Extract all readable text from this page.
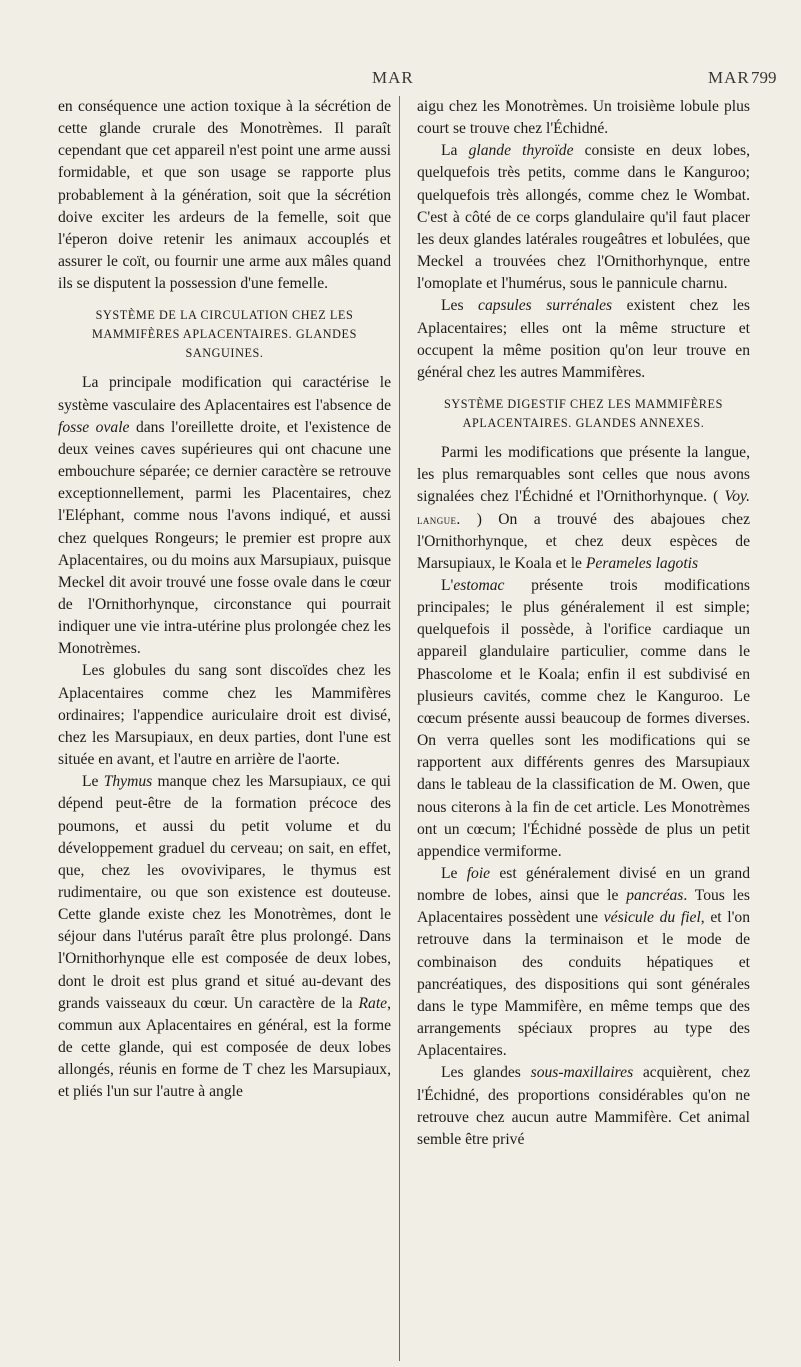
MAR	MAR 799

en conséquence une action toxique à la sécrétion de cette glande crurale des Monotrèmes. Il paraît cependant que cet appareil n'est point une arme aussi formidable, et que son usage se rapporte plus probablement à la génération, soit que la sécrétion doive exciter les ardeurs de la femelle, soit que l'éperon doive retenir les animaux accouplés et assurer le coït, ou fournir une arme aux mâles quand ils se disputent la possession d'une femelle.

SYSTÈME DE LA CIRCULATION CHEZ LES MAMMIFÈRES APLACENTAIRES. GLANDES SANGUINES.

La principale modification qui caractérise le système vasculaire des Aplacentaires est l'absence de fosse ovale dans l'oreillette droite, et l'existence de deux veines caves supérieures qui ont chacune une embouchure séparée; ce dernier caractère se retrouve exceptionnellement, parmi les Placentaires, chez l'Eléphant, comme nous l'avons indiqué, et aussi chez quelques Rongeurs; le premier est propre aux Aplacentaires, ou du moins aux Marsupiaux, puisque Meckel dit avoir trouvé une fosse ovale dans le cœur de l'Ornithorhynque, circonstance qui pourrait indiquer une vie intra-utérine plus prolongée chez les Monotrèmes.

Les globules du sang sont discoïdes chez les Aplacentaires comme chez les Mammifères ordinaires; l'appendice auriculaire droit est divisé, chez les Marsupiaux, en deux parties, dont l'une est située en avant, et l'autre en arrière de l'aorte.

Le Thymus manque chez les Marsupiaux, ce qui dépend peut-être de la formation précoce des poumons, et aussi du petit volume et du développement graduel du cerveau; on sait, en effet, que, chez les ovovivipares, le thymus est rudimentaire, ou que son existence est douteuse. Cette glande existe chez les Monotrèmes, dont le séjour dans l'utérus paraît être plus prolongé. Dans l'Ornithorhynque elle est composée de deux lobes, dont le droit est plus grand et situé au-devant des grands vaisseaux du cœur. Un caractère de la Rate, commun aux Aplacentaires en général, est la forme de cette glande, qui est composée de deux lobes allongés, réunis en forme de T chez les Marsupiaux, et pliés l'un sur l'autre à angle

aigu chez les Monotrèmes. Un troisième lobule plus court se trouve chez l'Échidné.

La glande thyroïde consiste en deux lobes, quelquefois très petits, comme dans le Kanguroo; quelquefois très allongés, comme chez le Wombat. C'est à côté de ce corps glandulaire qu'il faut placer les deux glandes latérales rougeâtres et lobulées, que Meckel a trouvées chez l'Ornithorhynque, entre l'omoplate et l'humérus, sous le pannicule charnu.

Les capsules surrénales existent chez les Aplacentaires; elles ont la même structure et occupent la même position qu'on leur trouve en général chez les autres Mammifères.

SYSTÈME DIGESTIF CHEZ LES MAMMIFÈRES APLACENTAIRES. GLANDES ANNEXES.

Parmi les modifications que présente la langue, les plus remarquables sont celles que nous avons signalées chez l'Échidné et l'Ornithorhynque. ( Voy. langue. ) On a trouvé des abajoues chez l'Ornithorhynque, et chez deux espèces de Marsupiaux, le Koala et le Perameles lagotis

L'estomac présente trois modifications principales; le plus généralement il est simple; quelquefois il possède, à l'orifice cardiaque un appareil glandulaire particulier, comme dans le Phascolome et le Koala; enfin il est subdivisé en plusieurs cavités, comme chez le Kanguroo. Le cœcum présente aussi beaucoup de formes diverses. On verra quelles sont les modifications qui se rapportent aux différents genres des Marsupiaux dans le tableau de la classification de M. Owen, que nous citerons à la fin de cet article. Les Monotrèmes ont un cœcum; l'Échidné possède de plus un petit appendice vermiforme.

Le foie est généralement divisé en un grand nombre de lobes, ainsi que le pancréas. Tous les Aplacentaires possèdent une vésicule du fiel, et l'on retrouve dans la terminaison et le mode de combinaison des conduits hépatiques et pancréatiques, des dispositions qui sont générales dans le type Mammifère, en même temps que des arrangements spéciaux propres au type des Aplacentaires.

Les glandes sous-maxillaires acquièrent, chez l'Échidné, des proportions considérables qu'on ne retrouve chez aucun autre Mammifère. Cet animal semble être privé
